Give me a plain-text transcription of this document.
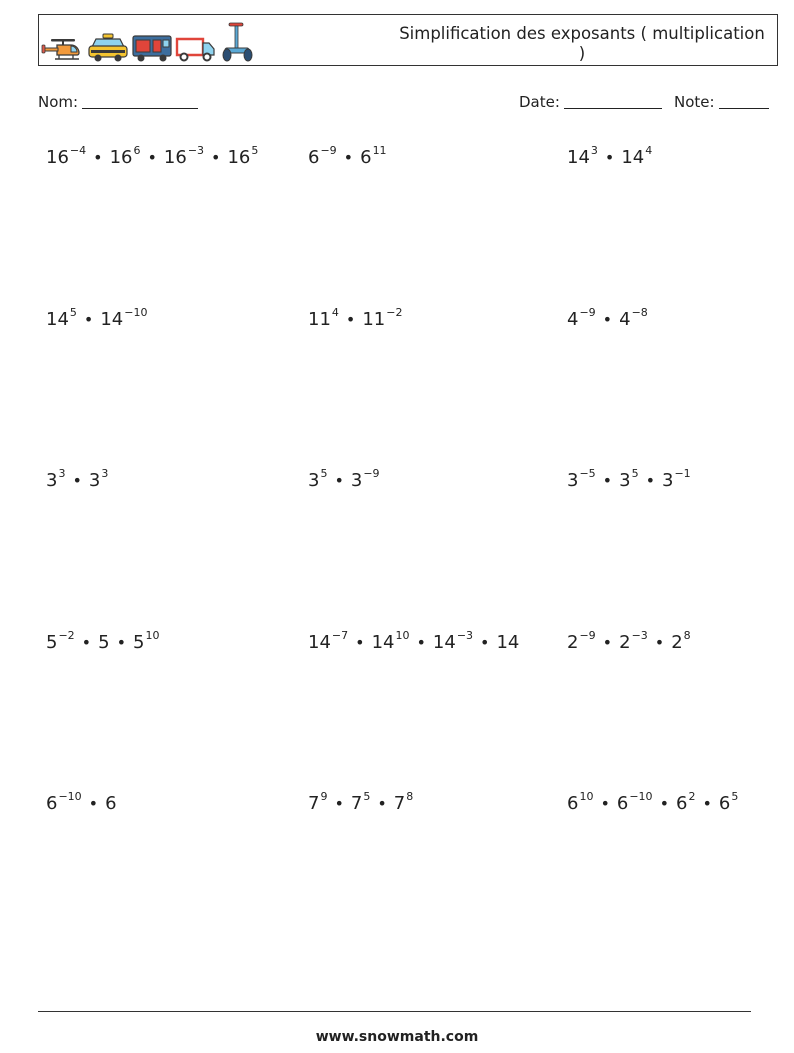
Simplification des exposants ( multiplication )
Nom:	Date:	Note:
$16^{-4}$ • $16^6$ • $16^{-3}$ • $16^5$	$6^{-9}$ • $6^{11}$	$14^3$ • $14^4$
$14^5$ • $14^{-10}$	$11^4$ • $11^{-2}$	$4^{-9}$ • $4^{-8}$
$3^3$ • $3^3$	$3^5$ • $3^{-9}$	$3^{-5}$ • $3^5$ • $3^{-1}$
$5^{-2}$ • 5 • $5^{10}$	$14^{-7}$ • $14^{10}$ • $14^{-3}$ • 14	$2^{-9}$ • $2^{-3}$ • $2^8$
$6^{-10}$ • 6	$7^9$ • $7^5$ • $7^8$	$6^{10}$ • $6^{-10}$ • $6^2$ • $6^5$
www.snowmath.com
